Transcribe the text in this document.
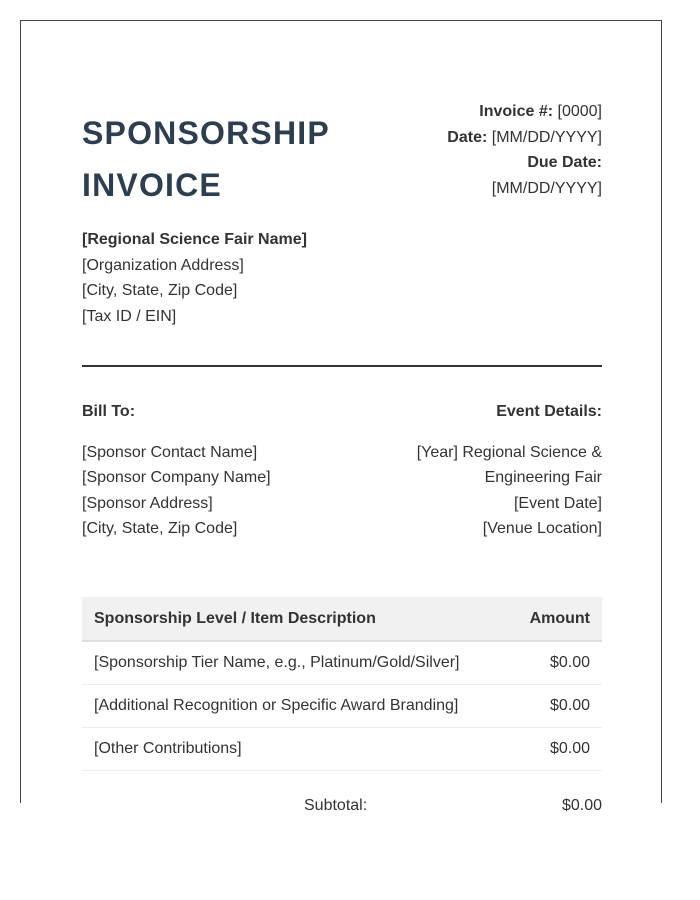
SPONSORSHIP
INVOICE
Invoice #: [0000]
Date: [MM/DD/YYYY]
Due Date:
[MM/DD/YYYY]
[Regional Science Fair Name]
[Organization Address]
[City, State, Zip Code]
[Tax ID / EIN]
Bill To:
[Sponsor Contact Name]
[Sponsor Company Name]
[Sponsor Address]
[City, State, Zip Code]
Event Details:
[Year] Regional Science &
Engineering Fair
[Event Date]
[Venue Location]
Sponsorship Level / Item Description	Amount
[Sponsorship Tier Name, e.g., Platinum/Gold/Silver]	$0.00
[Additional Recognition or Specific Award Branding]	$0.00
[Other Contributions]	$0.00
Subtotal:	$0.00
